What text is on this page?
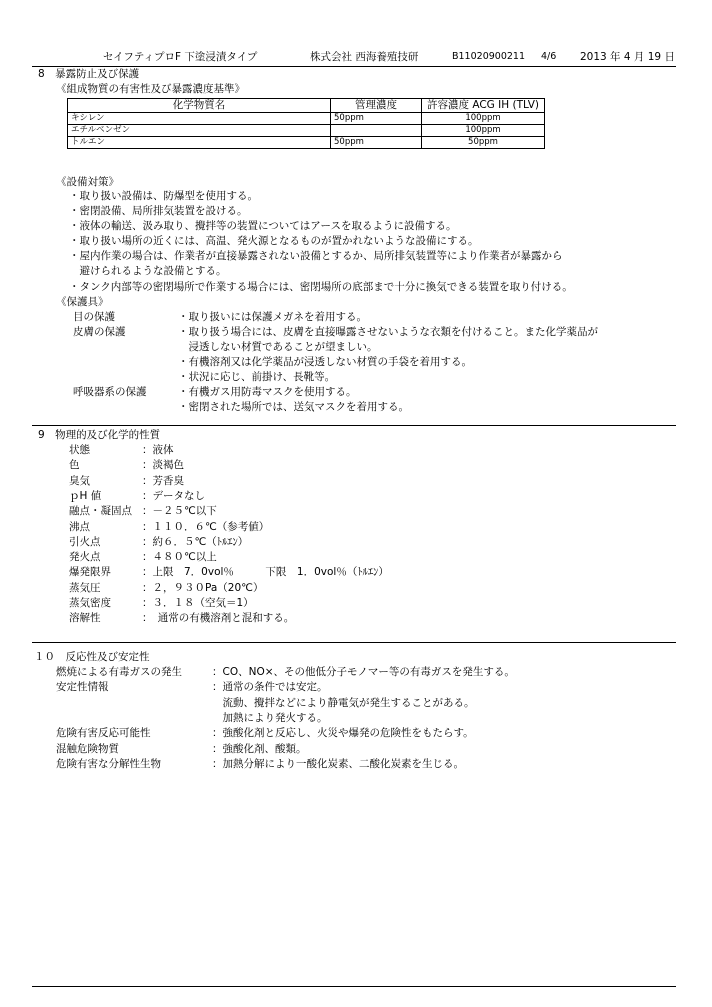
セイフティプロF 下塗浸漬タイプ	株式会社 西海養殖技研	B11020900211 4/6 2013 年 4 月 19 日
8　暴露防止及び保護
《組成物質の有害性及び暴露濃度基準》
化学物質名	管理濃度	許容濃度 ACG IH (TLV)
キシレン	50ppm	100ppm
エチルベンゼン		100ppm
トルエン	50ppm	50ppm
《設備対策》
・取り扱い設備は、防爆型を使用する。
・密閉設備、局所排気装置を設ける。
・液体の輸送、汲み取り、攪拌等の装置についてはアースを取るように設備する。
・取り扱い場所の近くには、高温、発火源となるものが置かれないような設備にする。
・屋内作業の場合は、作業者が直接暴露されない設備とするか、局所排気装置等により作業者が暴露から
　避けられるような設備とする。
・タンク内部等の密閉場所で作業する場合には、密閉場所の底部まで十分に換気できる装置を取り付ける。
《保護具》
目の保護	・取り扱いには保護メガネを着用する。
皮膚の保護	・取り扱う場合には、皮膚を直接曝露させないような衣類を付けること。また化学薬品が
　浸透しない材質であることが望ましい。
・有機溶剤又は化学薬品が浸透しない材質の手袋を着用する。
・状況に応じ、前掛け、長靴等。
呼吸器系の保護	・有機ガス用防毒マスクを使用する。
・密閉された場所では、送気マスクを着用する。
9　物理的及び化学的性質
状態	：液体
色	：淡褐色
臭気	：芳香臭
ｐH 値	：データなし
融点・凝固点 ：－２５℃以下
沸点	：１１０．６℃（参考値）
引火点	：約６．５℃（ﾄﾙｴﾝ）
発火点	：４８０℃以上
爆発限界	：上限　7．0vol％　　　下限　1．0vol％（ﾄﾙｴﾝ）
蒸気圧	：２，９３０Pa（20℃）
蒸気密度	：３．１８（空気＝1）
溶解性	：　通常の有機溶剤と混和する。
１０　反応性及び安定性
燃焼による有毒ガスの発生	：CO、NO×、その他低分子モノマー等の有毒ガスを発生する。
安定性情報	：通常の条件では安定。
　流動、攪拌などにより静電気が発生することがある。
　加熱により発火する。
危険有害反応可能性	：強酸化剤と反応し、火災や爆発の危険性をもたらす。
混触危険物質	：強酸化剤、酸類。
危険有害な分解性生物	：加熱分解により一酸化炭素、二酸化炭素を生じる。
